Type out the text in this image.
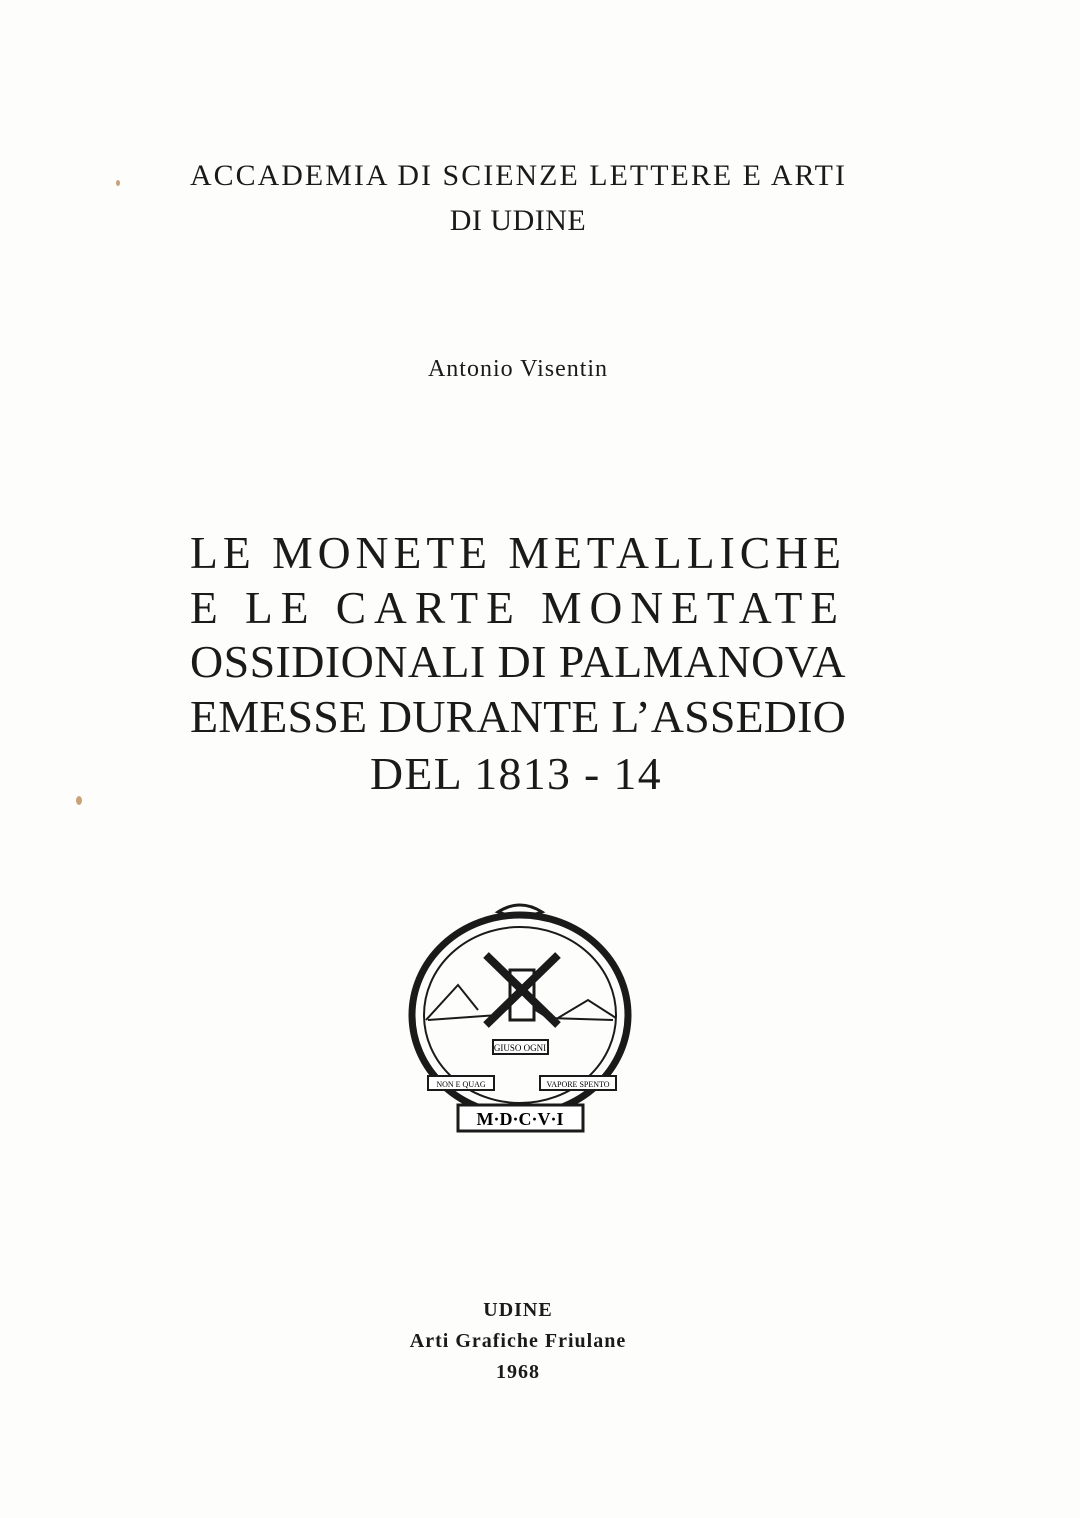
ACCADEMIA DI SCIENZE LETTERE E ARTI
DI UDINE
Antonio Visentin
LE MONETE METALLICHE
E LE CARTE MONETATE
OSSIDIONALI DI PALMANOVA
EMESSE DURANTE L’ASSEDIO
DEL 1813 - 14
GIUSO OGNI
NON E QUAG	VAPORE SPENTO
M·D·C·V·I
UDINE
Arti Grafiche Friulane
1968
